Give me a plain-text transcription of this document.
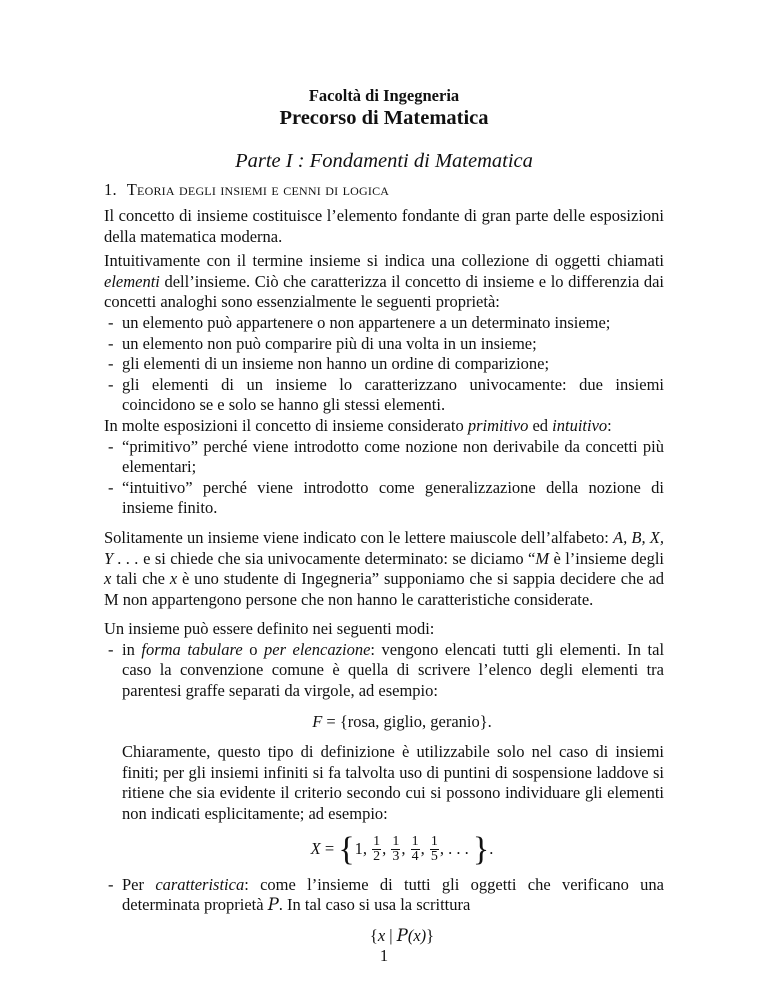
Facoltà di Ingegneria
Precorso di Matematica
Parte I : Fondamenti di Matematica
1. Teoria degli insiemi e cenni di logica

Il concetto di insieme costituisce l’elemento fondante di gran parte delle esposizioni della matematica moderna.

Intuitivamente con il termine insieme si indica una collezione di oggetti chiamati elementi dell’insieme. Ciò che caratterizza il concetto di insieme e lo differenzia dai concetti analoghi sono essenzialmente le seguenti proprietà:

- un elemento può appartenere o non appartenere a un determinato insieme;
- un elemento non può comparire più di una volta in un insieme;
- gli elementi di un insieme non hanno un ordine di comparizione;
- gli elementi di un insieme lo caratterizzano univocamente: due insiemi coincidono se e solo se hanno gli stessi elementi.

In molte esposizioni il concetto di insieme considerato primitivo ed intuitivo:

- “primitivo” perché viene introdotto come nozione non derivabile da concetti più elementari;
- “intuitivo” perché viene introdotto come generalizzazione della nozione di insieme finito.

Solitamente un insieme viene indicato con le lettere maiuscole dell’alfabeto: A, B, X, Y . . . e si chiede che sia univocamente determinato: se diciamo “M è l’insieme degli x tali che x è uno studente di Ingegneria” supponiamo che si sappia decidere che ad M non appartengono persone che non hanno le caratteristiche considerate.

Un insieme può essere definito nei seguenti modi:

- in forma tabulare o per elencazione: vengono elencati tutti gli elementi. In tal caso la convenzione comune è quella di scrivere l’elenco degli elementi tra parentesi graffe separati da virgole, ad esempio:
F = {rosa, giglio, geranio}.

Chiaramente, questo tipo di definizione è utilizzabile solo nel caso di insiemi finiti; per gli insiemi infiniti si fa talvolta uso di puntini di sospensione laddove si ritiene che sia evidente il criterio secondo cui si possono individuare gli elementi non indicati esplicitamente; ad esempio:

X = {1, $\frac{1}{2}$ , $\frac{1}{3}$ , $\frac{1}{4}$ , $\frac{1}{5}$ , . . . }.
- Per caratteristica: come l’insieme di tutti gli oggetti che verificano una determinata proprietà P. In tal caso si usa la scrittura
{x | P(x)}
1
